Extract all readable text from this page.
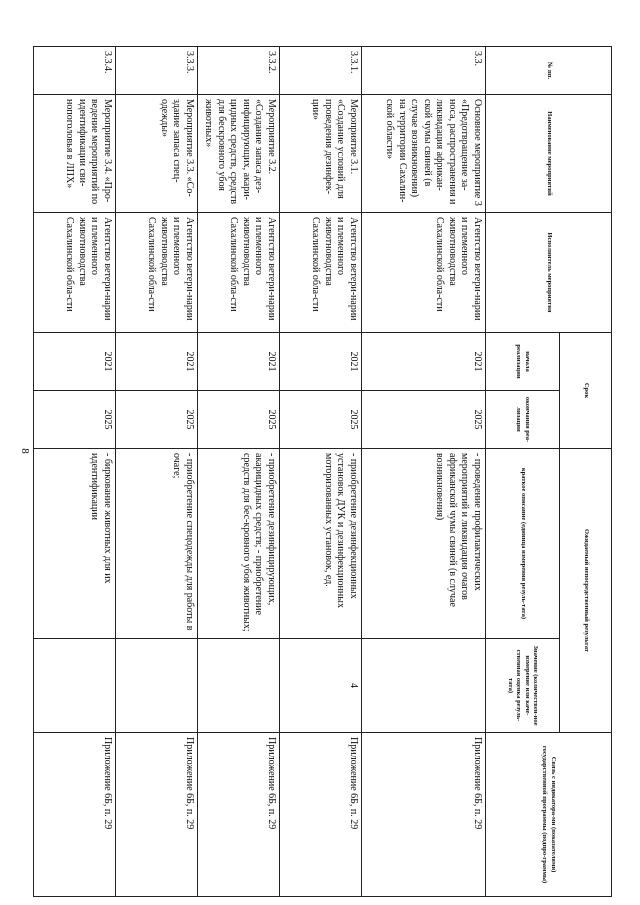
8
№ пп.	Наименование мероприятий	Исполнитель мероприятия	Срок		Ожидаемый непосредственный результат		Связь с индикатора-ми (показателями) государственной программы (подпро-граммы)
			начала реализации	окончания реа-лизации	краткое описание (единица измерения резуль-тата)	Значение (количествен-ное измерение или каче-ственная оценка резуль-тата)	

3.3.	Основное мероприятие 3 «Предотвращение за-носа, распространения и ликвидация африкан-ской чумы свиней (в случае возникновения) на территории Сахалин-ской области»	Агентство ветери-нарии и племенного животноводства Сахалинской обла-сти	2021	2025	- проведение профилактических мероприятий и ликвидация очагов африканской чумы свиней (в случае возникновения)		Приложение 6Б, п. 29
3.3.1.	Мероприятие 3.1. «Создание условий для проведения дезинфек-ции»	Агентство ветери-нарии и племенного животноводства Сахалинской обла-сти	2021	2025	- приобретение дезинфекционных установок ДУК и дезинфекционных моторизованных установок, ед.	4	Приложение 6Б, п. 29
3.3.2.	Мероприятие 3.2. «Создание запаса дез-инфицирующих, акари-цидных средств, средств для бескровного убоя животных»	Агентство ветери-нарии и племенного животноводства Сахалинской обла-сти	2021	2025	- приобретение дезинфицирующих, акарицидных средств; - приобретение средств для бес-кровного убоя животных;		Приложение 6Б, п. 29
3.3.3.	Мероприятие 3.3. «Со-здание запаса спец-одежды»	Агентство ветери-нарии и племенного животноводства Сахалинской обла-сти	2021	2025	- приобретение спецодежды для работы в очаге;		Приложение 6Б, п. 29
3.3.4.	Мероприятие 3.4. «Про-ведение мероприятий по идентификации сви-нопоголовья в ЛПХ»	Агентство ветери-нарии и племенного животноводства Сахалинской обла-сти	2021	2025	- биркование животных для их идентификации		Приложение 6Б, п. 29
